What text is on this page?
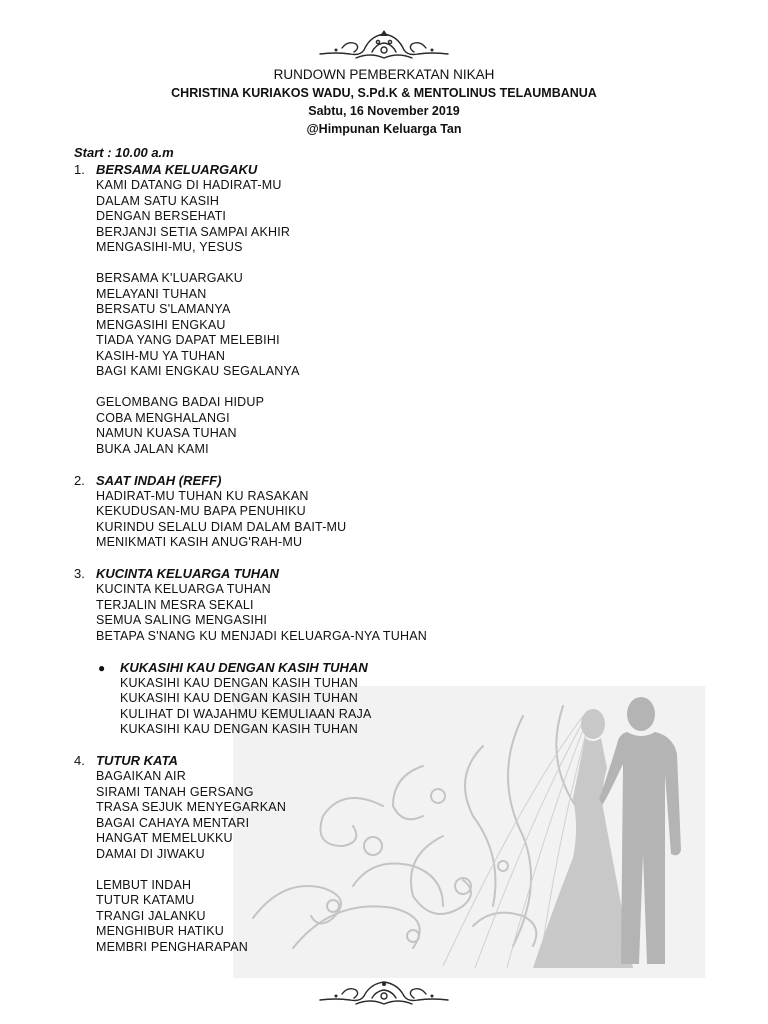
RUNDOWN PEMBERKATAN NIKAH
CHRISTINA KURIAKOS WADU, S.Pd.K & MENTOLINUS TELAUMBANUA
Sabtu, 16 November 2019
@Himpunan Keluarga Tan
Start : 10.00 a.m
1. BERSAMA KELUARGAKU
KAMI DATANG DI HADIRAT-MU
DALAM SATU KASIH
DENGAN BERSEHATI
BERJANJI SETIA SAMPAI AKHIR
MENGASIHI-MU, YESUS
BERSAMA K'LUARGAKU
MELAYANI TUHAN
BERSATU S'LAMANYA
MENGASIHI ENGKAU
TIADA YANG DAPAT MELEBIHI
KASIH-MU YA TUHAN
BAGI KAMI ENGKAU SEGALANYA
GELOMBANG BADAI HIDUP
COBA MENGHALANGI
NAMUN KUASA TUHAN
BUKA JALAN KAMI
2. SAAT INDAH (REFF)
HADIRAT-MU TUHAN KU RASAKAN
KEKUDUSAN-MU BAPA PENUHIKU
KURINDU SELALU DIAM DALAM BAIT-MU
MENIKMATI KASIH ANUG'RAH-MU
3. KUCINTA KELUARGA TUHAN
KUCINTA KELUARGA TUHAN
TERJALIN MESRA SEKALI
SEMUA SALING MENGASIHI
BETAPA S'NANG KU MENJADI KELUARGA-NYA TUHAN
● KUKASIHI KAU DENGAN KASIH TUHAN
KUKASIHI KAU DENGAN KASIH TUHAN
KUKASIHI KAU DENGAN KASIH TUHAN
KULIHAT DI WAJAHMU KEMULIAAN RAJA
KUKASIHI KAU DENGAN KASIH TUHAN
4. TUTUR KATA
BAGAIKAN AIR
SIRAMI TANAH GERSANG
TRASA SEJUK MENYEGARKAN
BAGAI CAHAYA MENTARI
HANGAT MEMELUKKU
DAMAI DI JIWAKU
LEMBUT INDAH
TUTUR KATAMU
TRANGI JALANKU
MENGHIBUR HATIKU
MEMBRI PENGHARAPAN
